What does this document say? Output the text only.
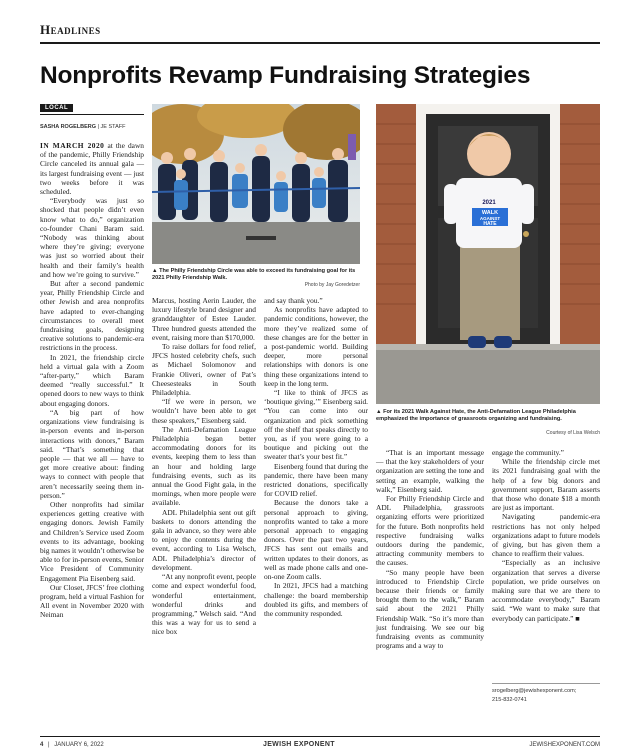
Headlines
Nonprofits Revamp Fundraising Strategies
LOCAL
SASHA ROGELBERG | JE STAFF

IN MARCH 2020 at the dawn of the pandemic, Philly Friendship Circle canceled its annual gala — its largest fundraising event — just two weeks before it was scheduled.

“Everybody was just so shocked that people didn’t even know what to do,” organization co-founder Chani Baram said. “Nobody was thinking about where they’re giving; everyone was just so worried about their health and their family’s health and how we’re going to survive.”

But after a second pandemic year, Philly Friendship Circle and other Jewish and area nonprofits have adapted to ever-changing circumstances to overall meet fundraising goals, designing creative solutions to pandemic-era restrictions in the process.

In 2021, the friendship circle held a virtual gala with a Zoom “after-party,” which Baram deemed “really successful.” It opened doors to new ways to think about engaging donors.

“A big part of how organizations view fundraising is in-person events and in-person interactions with donors,” Baram said. “That’s something that people — that we all — have to get more creative about: finding ways to connect with people that aren’t necessarily seeing them in-person.”

Other nonprofits had similar experiences getting creative with engaging donors. Jewish Family and Children’s Service used Zoom events to its advantage, booking big names it wouldn’t otherwise be able to for in-person events, Senior Vice President of Community Engagement Pia Eisenberg said.

Our Closet, JFCS’ free clothing program, held a virtual Fashion for All event in November 2020 with Neiman

▲ The Philly Friendship Circle was able to exceed its fundraising goal for its 2021 Philly Friendship Walk.
Photo by Jay Goredetzer

Marcus, hosting Aerin Lauder, the luxury lifestyle brand designer and granddaughter of Estee Lauder. Three hundred guests attended the event, raising more than $170,000.

To raise dollars for food relief, JFCS hosted celebrity chefs, such as Michael Solomonov and Frankie Oliveri, owner of Pat’s Cheesesteaks in South Philadelphia.

“If we were in person, we wouldn’t have been able to get these speakers,” Eisenberg said.

The Anti-Defamation League Philadelphia began better accommodating donors for its events, keeping them to less than an hour and holding large fundraising events, such as its annual the Good Fight gala, in the mornings, when more people were available.

ADL Philadelphia sent out gift baskets to donors attending the gala in advance, so they were able to enjoy the contents during the event, according to Lisa Welsch, ADL Philadelphia’s director of development.

“At any nonprofit event, people come and expect wonderful food, wonderful entertainment, wonderful drinks and programming,” Welsch said. “And this was a way for us to send a nice box

and say thank you.”

As nonprofits have adapted to pandemic conditions, however, the more they’ve realized some of these changes are for the better in a post-pandemic world. Building deeper, more personal relationships with donors is one thing these organizations intend to keep in the long term.

“I like to think of JFCS as ‘boutique giving,’” Eisenberg said. “You can come into our organization and pick something off the shelf that speaks directly to you, as if you were going to a boutique and picking out the sweater that’s your best fit.”

Eisenberg found that during the pandemic, there have been many restricted donations, specifically for COVID relief.

Because the donors take a personal approach to giving, nonprofits wanted to take a more personal approach to engaging donors. Over the past two years, JFCS has sent out emails and written updates to their donors, as well as made phone calls and one-on-one Zoom calls.

In 2021, JFCS had a matching challenge: the board membership doubled its gifts, and members of the community responded.

2021
WALK
AGAINST
HATE
▲ For its 2021 Walk Against Hate, the Anti-Defamation League Philadelphia emphasized the importance of grassroots organizing and fundraising.
Courtesy of Lisa Welsch

“That is an important message — that the key stakeholders of your organization are setting the tone and setting an example, walking the walk,” Eisenberg said.

For Philly Friendship Circle and ADL Philadelphia, grassroots organizing efforts were prioritized for the future. Both nonprofits held respective fundraising walks outdoors during the pandemic, attracting community members to the causes.

“So many people have been introduced to Friendship Circle because their friends or family brought them to the walk,” Baram said about the 2021 Philly Friendship Walk. “So it’s more than just fundraising. We see our big fundraising events as community programs and a way to

engage the community.”

While the friendship circle met its 2021 fundraising goal with the help of a few big donors and government support, Baram asserts that those who donate $18 a month are just as important.

Navigating pandemic-era restrictions has not only helped organizations adapt to future models of giving, but has given them a chance to reaffirm their values.

“Especially as an inclusive organization that serves a diverse population, we pride ourselves on making sure that we are there to accommodate everybody,” Baram said. “We want to make sure that everybody can participate.” ■

srogelberg@jewishexponent.com;
215-832-0741
4 | JANUARY 6, 2022	JEWISH EXPONENT	JEWISHEXPONENT.COM
